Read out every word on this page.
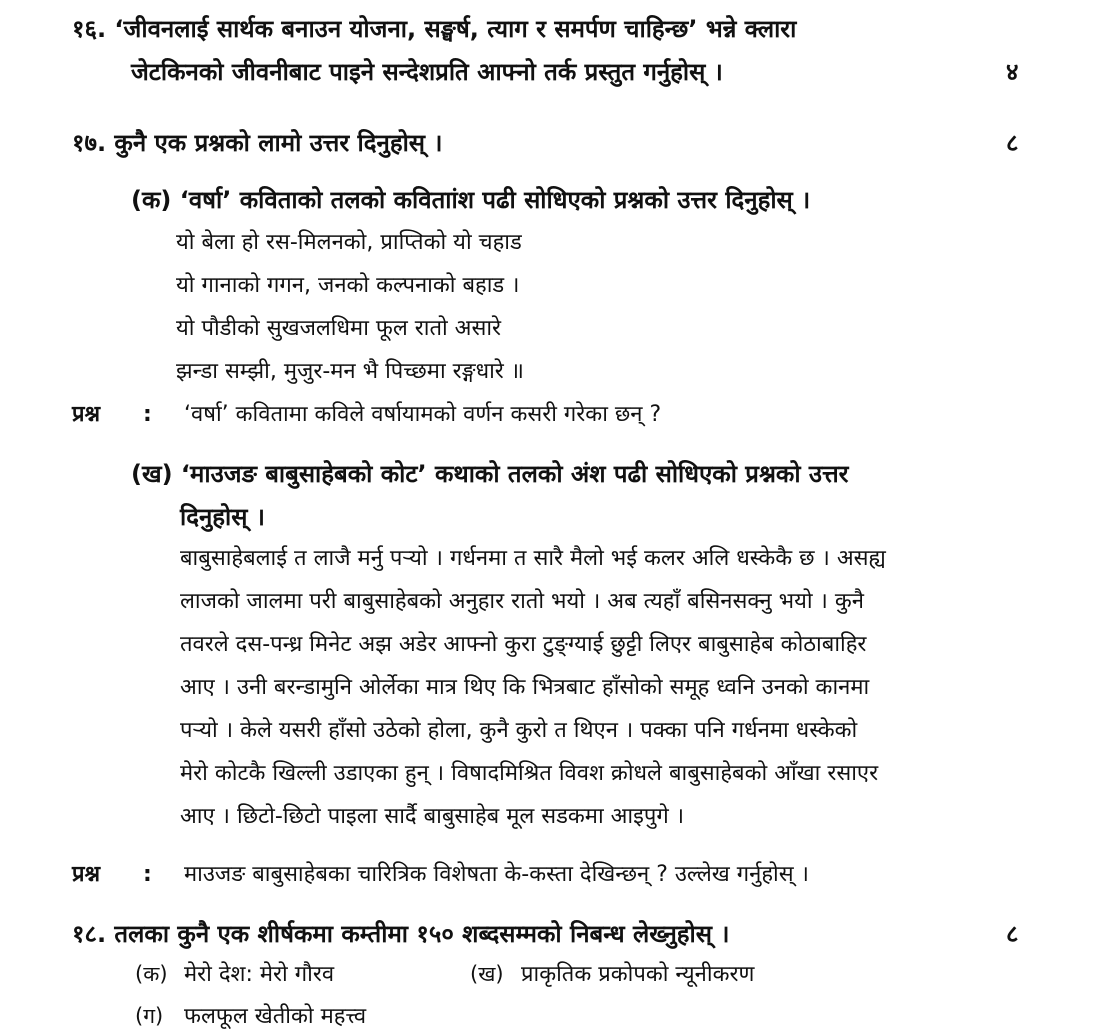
१६. ‘जीवनलाई सार्थक बनाउन योजना, सङ्घर्ष, त्याग र समर्पण चाहिन्छ’ भन्ने क्लारा
जेटकिनको जीवनीबाट पाइने सन्देशप्रति आफ्नो तर्क प्रस्तुत गर्नुहोस् ।	४
१७. कुनै एक प्रश्नको लामो उत्तर दिनुहोस् ।	८
(क) ‘वर्षा’ कविताको तलको कविताांश पढी सोधिएको प्रश्नको उत्तर दिनुहोस् ।
यो बेला हो रस-मिलनको, प्राप्तिको यो चहाड
यो गानाको गगन, जनको कल्पनाको बहाड ।
यो पौडीको सुखजलधिमा फूल रातो असारे
झन्डा सम्झी, मुजुर-मन भै पिच्छमा रङ्गधारे ॥
प्रश्न : ‘वर्षा’ कवितामा कविले वर्षायामको वर्णन कसरी गरेका छन् ?
(ख) ‘माउजङ बाबुसाहेबको कोट’ कथाको तलको अंश पढी सोधिएको प्रश्नको उत्तर
दिनुहोस् ।
बाबुसाहेबलाई त लाजै मर्नु पऱ्यो । गर्धनमा त सारै मैलो भई कलर अलि धस्केकै छ । असह्य
लाजको जालमा परी बाबुसाहेबको अनुहार रातो भयो । अब त्यहाँ बसिनसक्नु भयो । कुनै
तवरले दस-पन्ध्र मिनेट अझ अडेर आफ्नो कुरा टुङ्ग्याई छुट्टी लिएर बाबुसाहेब कोठाबाहिर
आए । उनी बरन्डामुनि ओर्लेका मात्र थिए कि भित्रबाट हाँसोको समूह ध्वनि उनको कानमा
पऱ्यो । केले यसरी हाँसो उठेको होला, कुनै कुरो त थिएन । पक्का पनि गर्धनमा धस्केको
मेरो कोटकै खिल्ली उडाएका हुन् । विषादमिश्रित विवश क्रोधले बाबुसाहेबको आँखा रसाएर
आए । छिटो-छिटो पाइला सार्दै बाबुसाहेब मूल सडकमा आइपुगे ।
प्रश्न : माउजङ बाबुसाहेबका चारित्रिक विशेषता के-कस्ता देखिन्छन् ? उल्लेख गर्नुहोस् ।
१८. तलका कुनै एक शीर्षकमा कम्तीमा १५० शब्दसम्मको निबन्ध लेख्नुहोस् ।	८
(क) मेरो देश: मेरो गौरव	(ख) प्राकृतिक प्रकोपको न्यूनीकरण
(ग) फलफूल खेतीको महत्त्व
